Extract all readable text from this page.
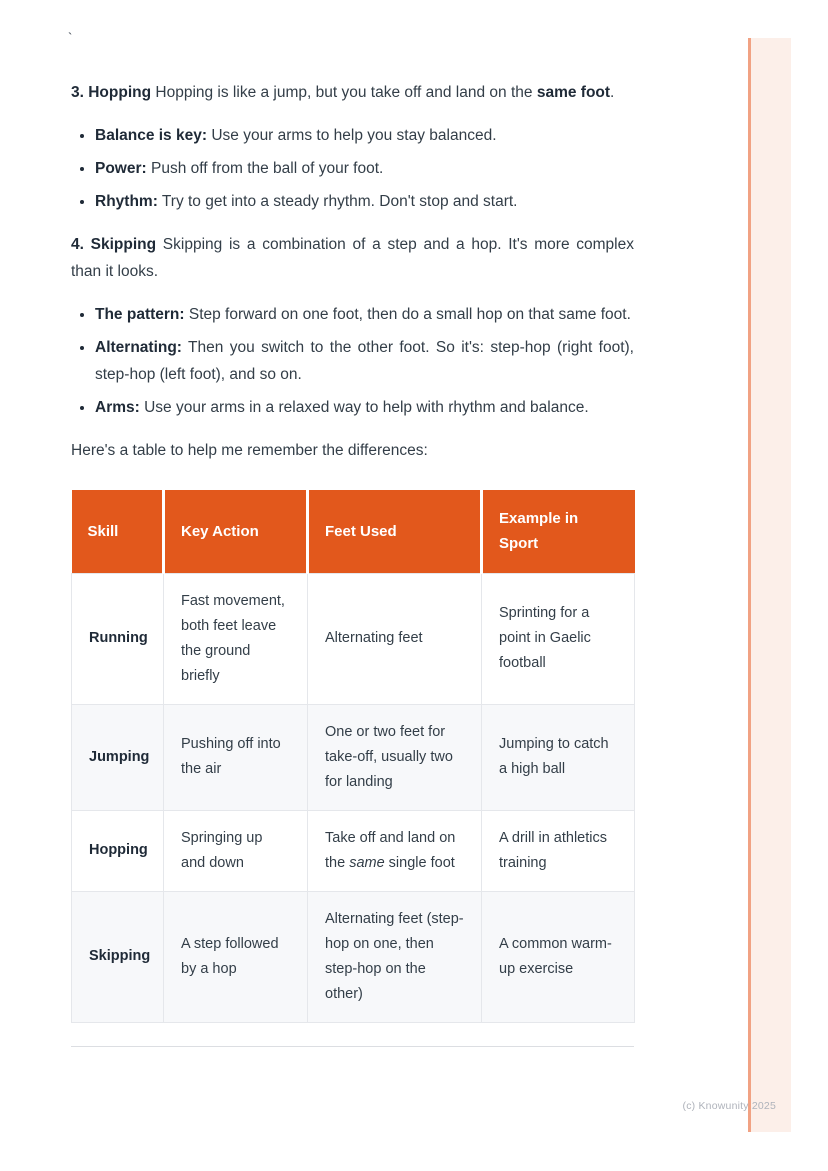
`

3. Hopping Hopping is like a jump, but you take off and land on the same foot.

• Balance is key: Use your arms to help you stay balanced.
• Power: Push off from the ball of your foot.
• Rhythm: Try to get into a steady rhythm. Don't stop and start.

4. Skipping Skipping is a combination of a step and a hop. It's more complex than it looks.

• The pattern: Step forward on one foot, then do a small hop on that same foot.
• Alternating: Then you switch to the other foot. So it's: step-hop (right foot), step-hop (left foot), and so on.
• Arms: Use your arms in a relaxed way to help with rhythm and balance.

Here's a table to help me remember the differences:

Skill	Key Action	Feet Used	Example in Sport
Running	Fast movement, both feet leave the ground briefly	Alternating feet	Sprinting for a point in Gaelic football
Jumping	Pushing off into the air	One or two feet for take-off, usually two for landing	Jumping to catch a high ball
Hopping	Springing up and down	Take off and land on the same single foot	A drill in athletics training
Skipping	A step followed by a hop	Alternating feet (step-hop on one, then step-hop on the other)	A common warm-up exercise
(c) Knowunity 2025
